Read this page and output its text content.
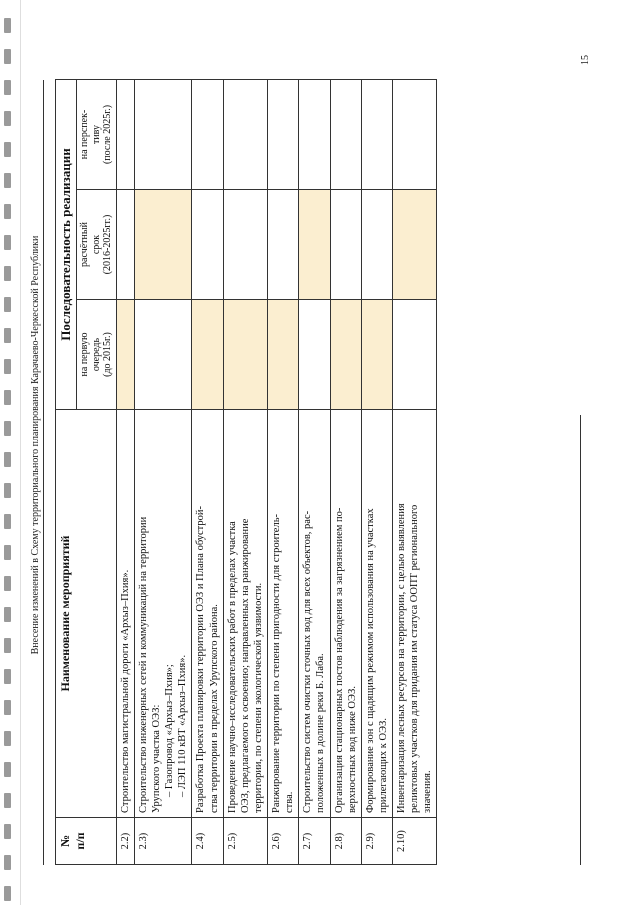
Внесение изменений в Схему территориального планирования Карачаево-Черкесской Республики
№ п/п	Наименование мероприятий	Последовательность реализации		

		на первую очередь (до 2015г.)	расчётный срок (2016-2025гг.)	на перспек- тиву (после 2025г.)

2.2)	Строительство магистральной дороги «Архыз–Пхия».			

2.3)	Строительство инженерных сетей и коммуникаций на территории Урупского участка ОЭЗ: – Газопровод «Архыз–Пхия»; – ЛЭП 110 кВТ «Архыз–Пхия».			

2.4)	Разработка Проекта планировки территории ОЭЗ и Плана обустрой- ства территории в пределах Урупского района.			

2.5)	Проведение научно–исследовательских работ в пределах участка ОЭЗ, предлагаемого к освоению; направленных на ранжирование территории, по степени экологической уязвимости.			

2.6)	Ранжирование территории по степени пригодности для строитель- ства.			

2.7)	Строительство систем очистки сточных вод для всех объектов, рас- положенных в долине реки Б. Лаба.			

2.8)	Организация стационарных постов наблюдения за загрязнением по- верхностных вод ниже ОЭЗ.			

2.9)	Формирование зон с щадящим режимом использования на участках прилегающих к ОЭЗ.			

2.10)	Инвентаризация лесных ресурсов на территории, с целью выявления реликтовых участков для придания им статуса ООПТ регионального значения.			

15
